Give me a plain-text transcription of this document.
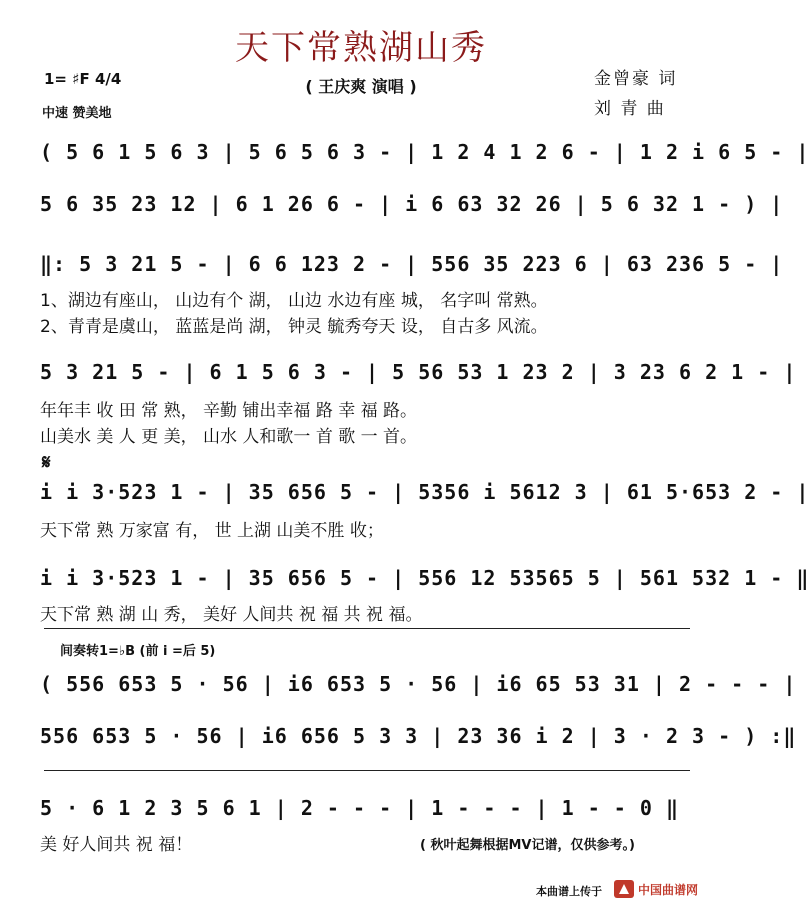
天下常熟湖山秀
( 王庆爽 演唱 )
1= ♯F 4/4
中速 赞美地
金曾豪 词
刘 青 曲
( 5 6 1 5 6 3 | 5 6 5 6 3 - | 1 2 4 1 2 6 - | 1 2 i 6 5 - |
5 6 35 23 12 | 6 1 26 6 - | i 6 63 32 26 | 5 6 32 1 - ) |
‖: 5 3 21 5 - | 6 6 123 2 - | 556 35 223 6 | 63 236 5 - |
1、湖边有座山， 山边有个 湖， 山边 水边有座 城， 名字叫 常熟。
2、青青是虞山， 蓝蓝是尚 湖， 钟灵 毓秀夸天 设， 自古多 风流。
5 3 21 5 - | 6 1 5 6 3 - | 5 56 53 1 23 2 | 3 23 6 2 1 - |
年年丰 收 田 常 熟， 辛勤 铺出幸福 路 幸 福 路。
山美水 美 人 更 美， 山水 人和歌一 首 歌 一 首。
𝄋
i i 3·523 1 - | 35 656 5 - | 5356 i 5612 3 | 61 5·653 2 - |
天下常 熟 万家富 有， 世 上湖 山美不胜 收；
i i 3·523 1 - | 35 656 5 - | 556 12 53565 5 | 561 532 1 - ‖
天下常 熟 湖 山 秀， 美好 人间共 祝 福 共 祝 福。
间奏转1=♭B (前 i =后 5)
( 556 653 5 · 56 | i6 653 5 · 56 | i6 65 53 31 | 2 - - - |
556 653 5 · 56 | i6 656 5 3 3 | 23 36 i 2 | 3 · 2 3 - ) :‖
5 · 6 1 2 3 5 6 1 | 2 - - - | 1 - - - | 1 - - 0 ‖
美 好人间共 祝 福！	( 秋叶起舞根据MV记谱，仅供参考。)
本曲谱上传于	中国曲谱网
